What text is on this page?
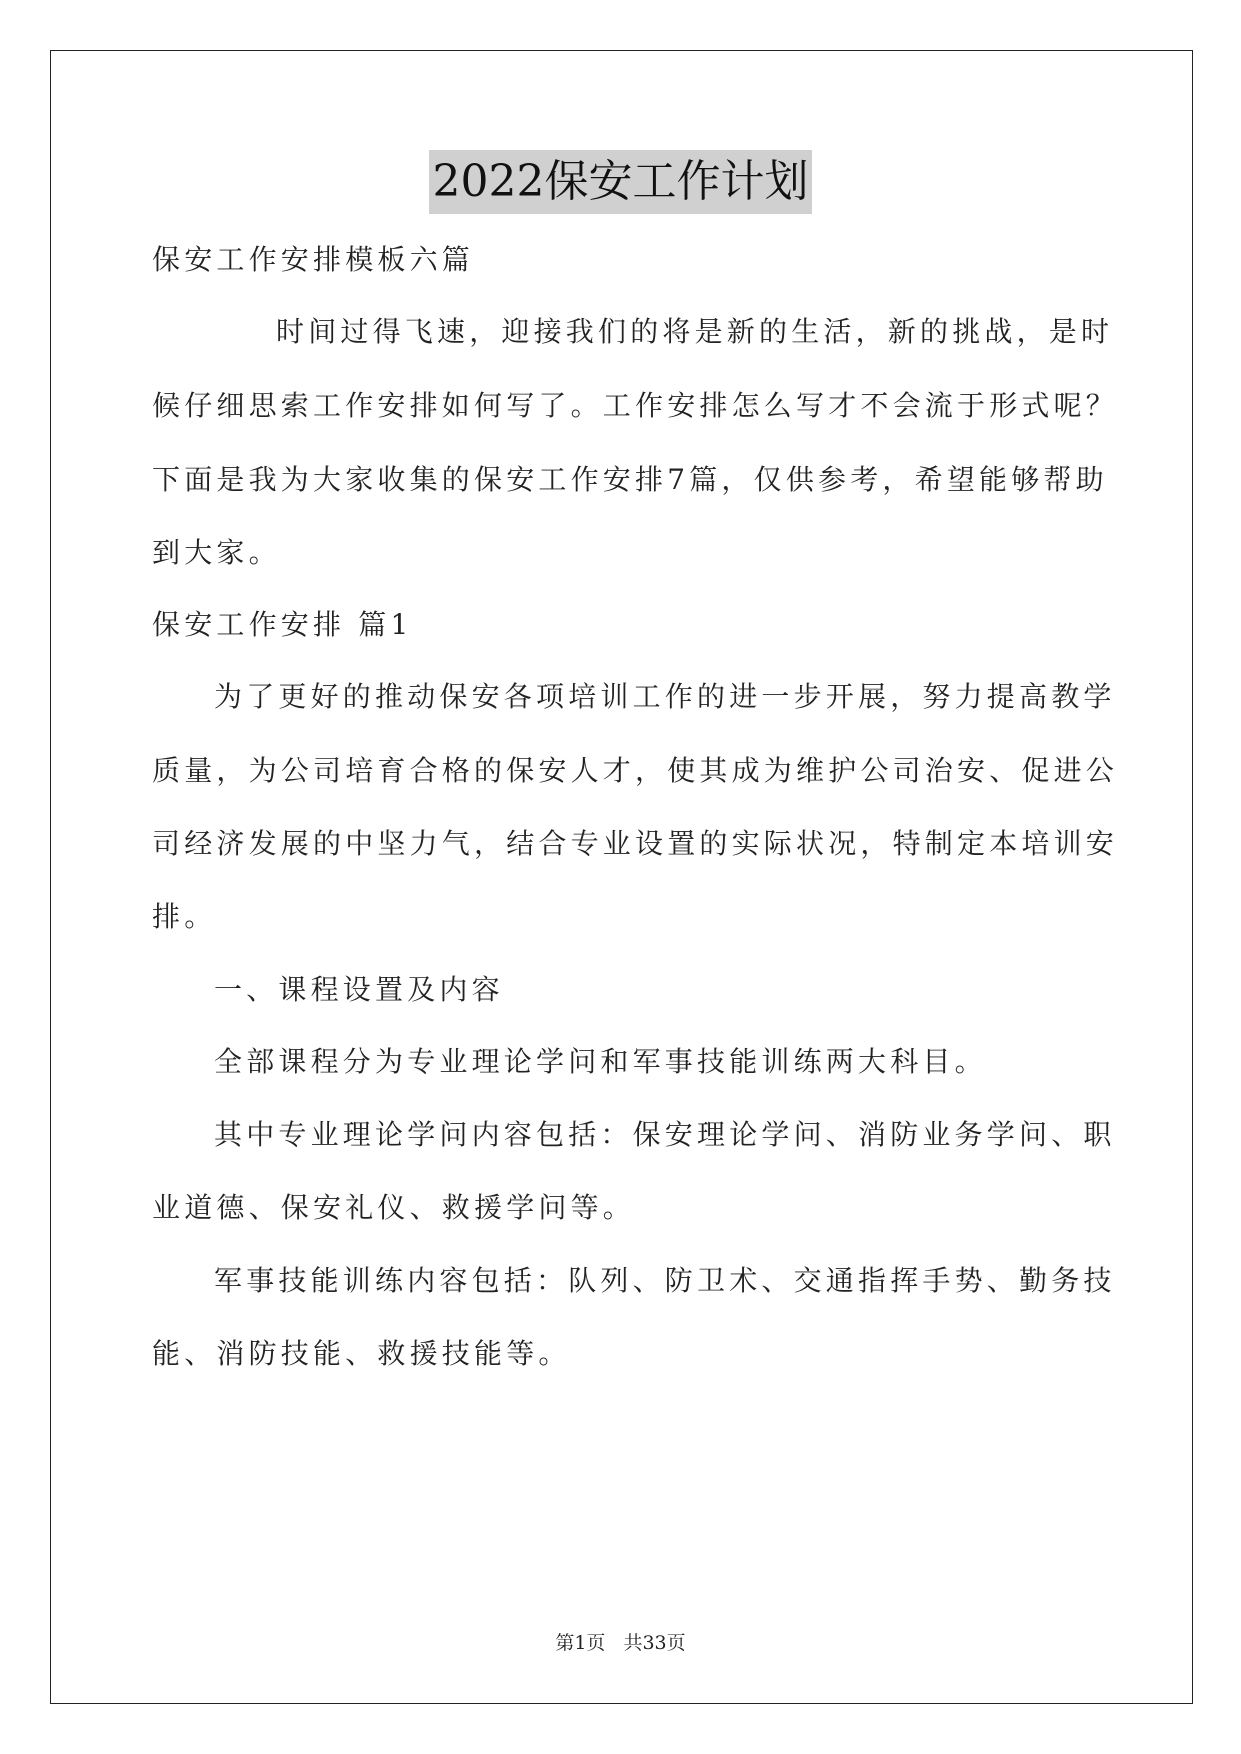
2022保安工作计划
保安工作安排模板六篇
时间过得飞速，迎接我们的将是新的生活，新的挑战，是时
候仔细思索工作安排如何写了。工作安排怎么写才不会流于形式呢？
下面是我为大家收集的保安工作安排7篇，仅供参考，希望能够帮助
到大家。
保安工作安排 篇1
为了更好的推动保安各项培训工作的进一步开展，努力提高教学
质量，为公司培育合格的保安人才，使其成为维护公司治安、促进公
司经济发展的中坚力气，结合专业设置的实际状况，特制定本培训安
排。
一、课程设置及内容
全部课程分为专业理论学问和军事技能训练两大科目。
其中专业理论学问内容包括：保安理论学问、消防业务学问、职
业道德、保安礼仪、救援学问等。
军事技能训练内容包括：队列、防卫术、交通指挥手势、勤务技
能、消防技能、救援技能等。
第1页 共33页
